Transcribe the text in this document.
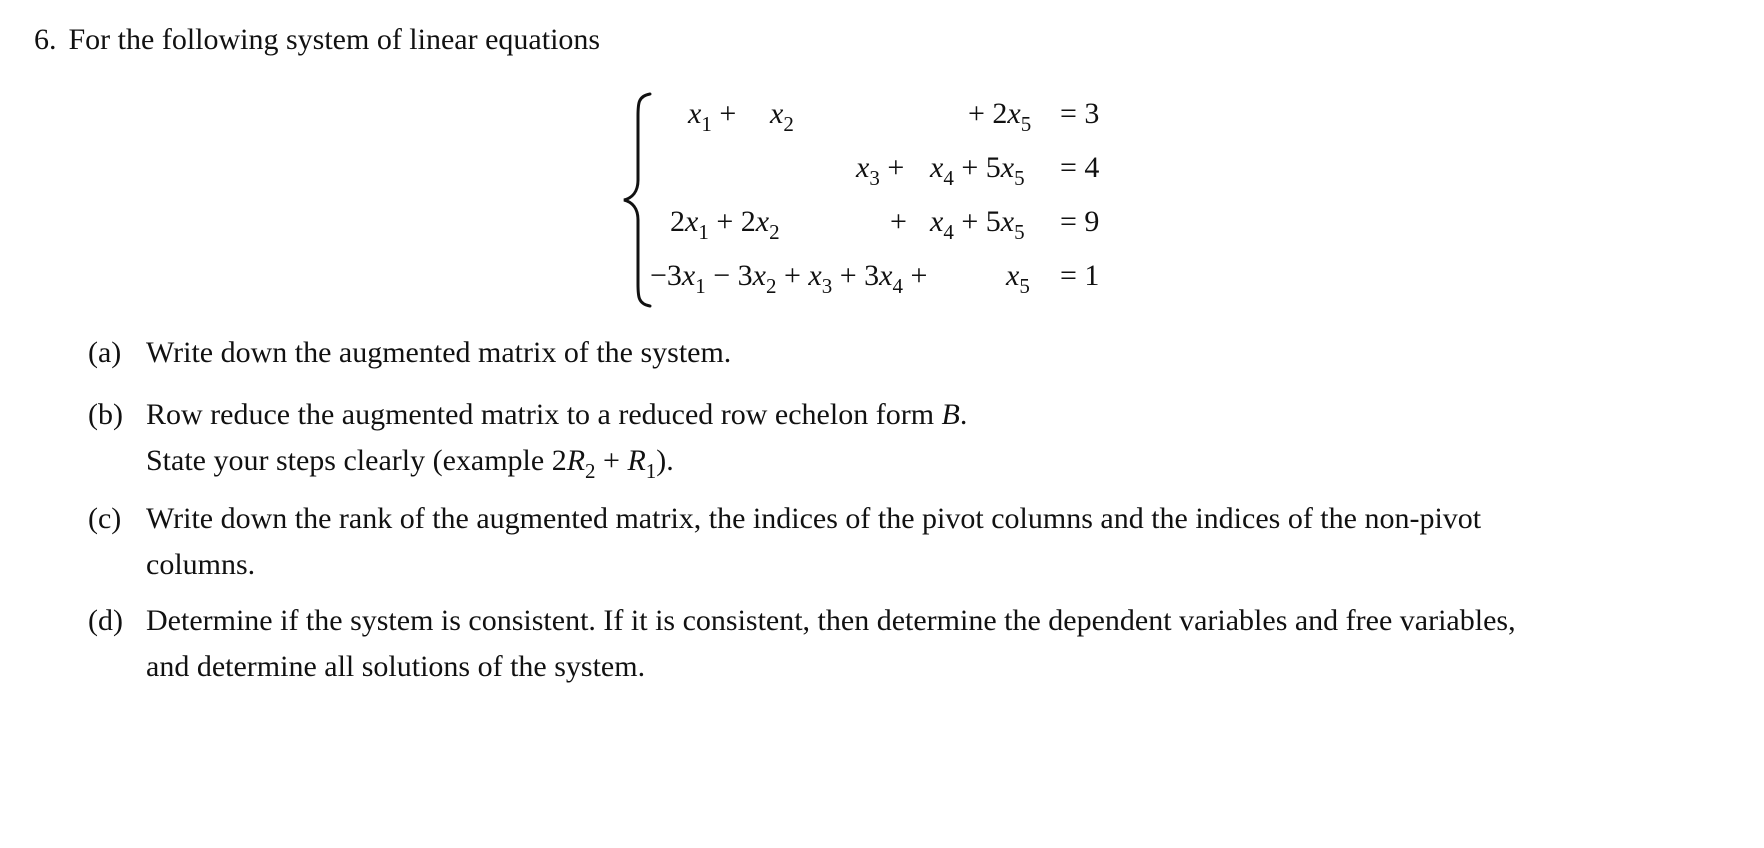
6. For the following system of linear equations
$x_1 + x_2$	+ $2x_5 = 3$
$x_3 + x_4 + 5x_5 = 4$
$2x_1 + 2x_2$	+ $x_4 + 5x_5 = 9$
$-3x_1 - 3x_2 + x_3 + 3x_4$ +	$x_5 = 1$
(a) Write down the augmented matrix of the system.
(b) Row reduce the augmented matrix to a reduced row echelon form B.
State your steps clearly (example $2R_2 + R_1$).
(c) Write down the rank of the augmented matrix, the indices of the pivot columns and the indices of the non-pivot
columns.
(d) Determine if the system is consistent. If it is consistent, then determine the dependent variables and free variables,
and determine all solutions of the system.
